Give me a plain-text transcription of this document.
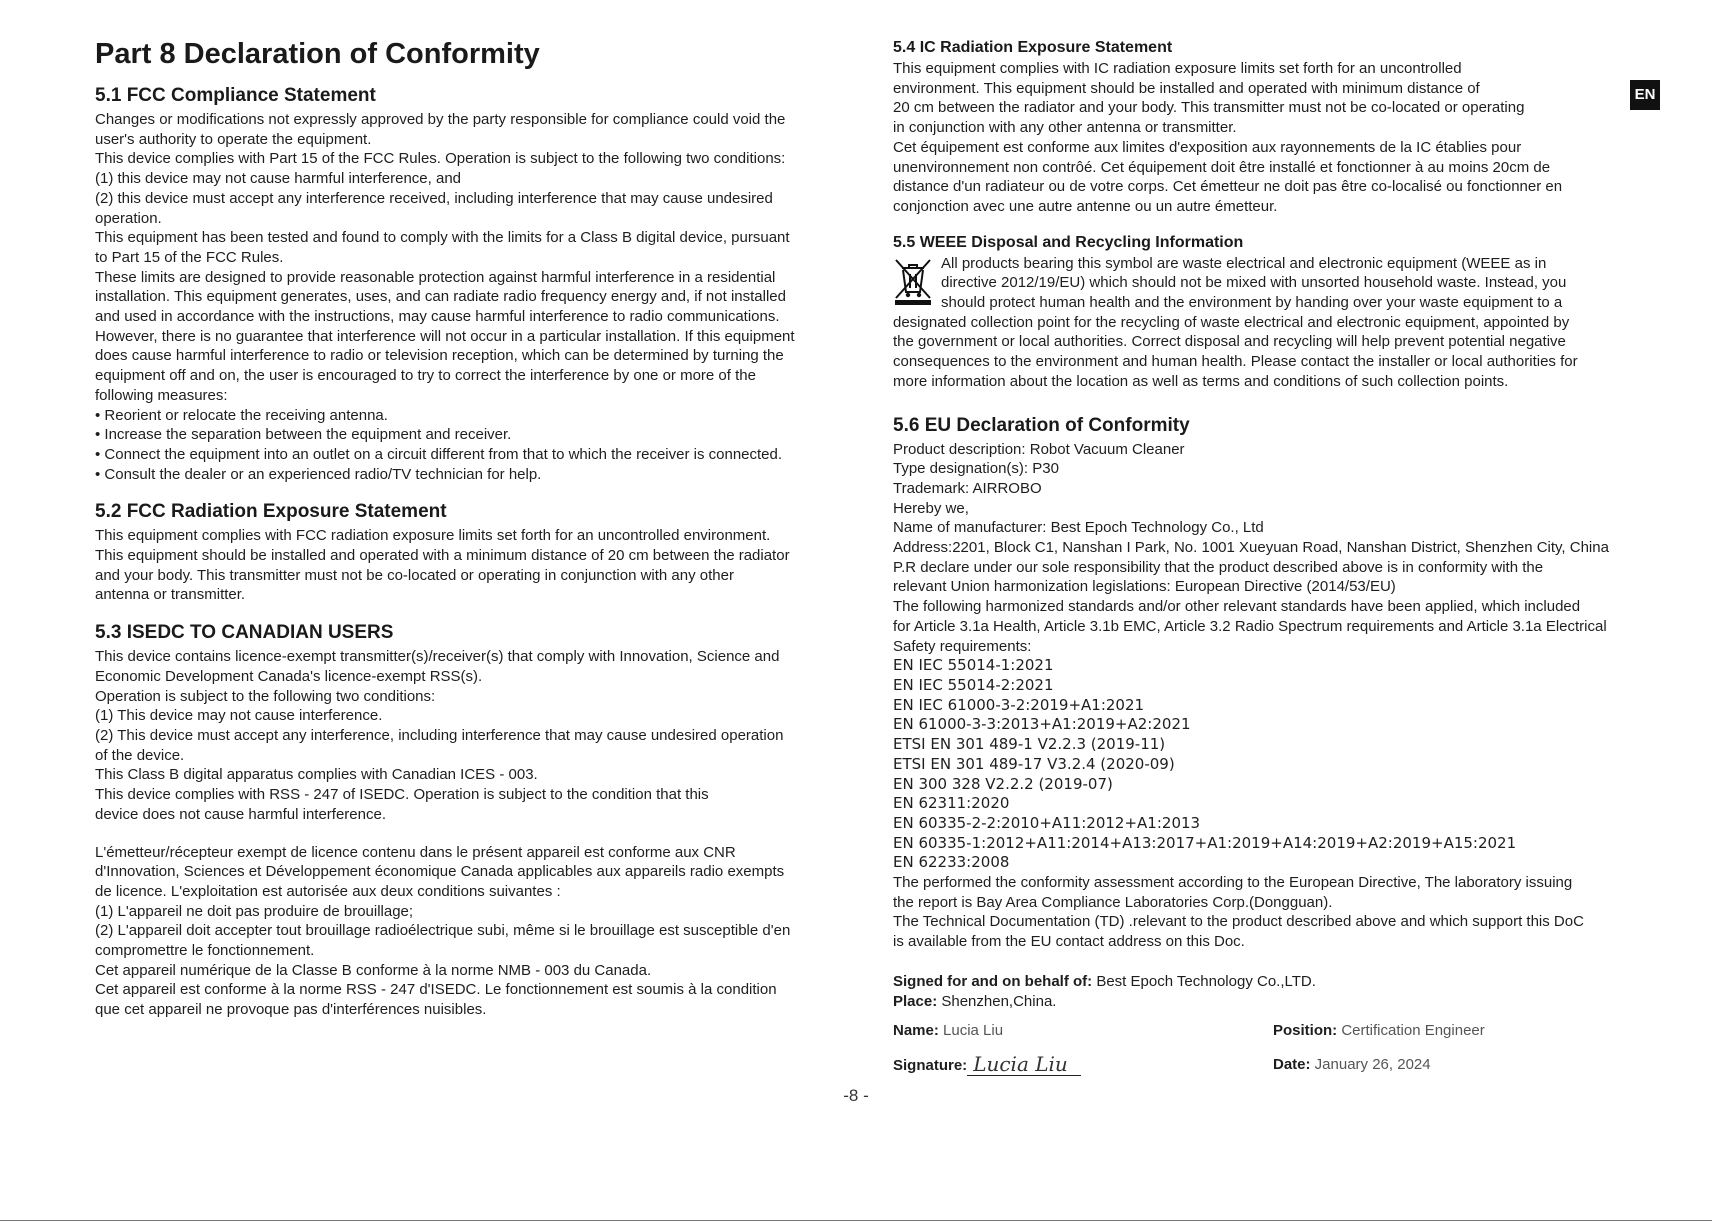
EN
Part 8 Declaration of Conformity
5.1 FCC Compliance Statement

Changes or modifications not expressly approved by the party responsible for compliance could void the

user's authority to operate the equipment.

This device complies with Part 15 of the FCC Rules. Operation is subject to the following two conditions:

(1) this device may not cause harmful interference, and

(2) this device must accept any interference received, including interference that may cause undesired

operation.

This equipment has been tested and found to comply with the limits for a Class B digital device, pursuant

to Part 15 of the FCC Rules.

These limits are designed to provide reasonable protection against harmful interference in a residential

installation. This equipment generates, uses, and can radiate radio frequency energy and, if not installed

and used in accordance with the instructions, may cause harmful interference to radio communications.

However, there is no guarantee that interference will not occur in a particular installation. If this equipment

does cause harmful interference to radio or television reception, which can be determined by turning the

equipment off and on, the user is encouraged to try to correct the interference by one or more of the

following measures:

• Reorient or relocate the receiving antenna.

• Increase the separation between the equipment and receiver.

• Connect the equipment into an outlet on a circuit different from that to which the receiver is connected.

• Consult the dealer or an experienced radio/TV technician for help.

5.2 FCC Radiation Exposure Statement

This equipment complies with FCC radiation exposure limits set forth for an uncontrolled environment.

This equipment should be installed and operated with a minimum distance of 20 cm between the radiator

and your body. This transmitter must not be co-located or operating in conjunction with any other

antenna or transmitter.

5.3 ISEDC TO CANADIAN USERS

This device contains licence-exempt transmitter(s)/receiver(s) that comply with Innovation, Science and

Economic Development Canada's licence-exempt RSS(s).

Operation is subject to the following two conditions:

(1) This device may not cause interference.

(2) This device must accept any interference, including interference that may cause undesired operation

of the device.

This Class B digital apparatus complies with Canadian ICES - 003.

This device complies with RSS - 247 of ISEDC. Operation is subject to the condition that this

device does not cause harmful interference.

L'émetteur/récepteur exempt de licence contenu dans le présent appareil est conforme aux CNR

d'Innovation, Sciences et Développement économique Canada applicables aux appareils radio exempts

de licence. L'exploitation est autorisée aux deux conditions suivantes :

(1) L'appareil ne doit pas produire de brouillage;

(2) L'appareil doit accepter tout brouillage radioélectrique subi, même si le brouillage est susceptible d'en

compromettre le fonctionnement.

Cet appareil numérique de la Classe B conforme à la norme NMB - 003 du Canada.

Cet appareil est conforme à la norme RSS - 247 d'ISEDC. Le fonctionnement est soumis à la condition

que cet appareil ne provoque pas d'interférences nuisibles.

5.4 IC Radiation Exposure Statement

This equipment complies with IC radiation exposure limits set forth for an uncontrolled

environment. This equipment should be installed and operated with minimum distance of

20 cm between the radiator and your body. This transmitter must not be co-located or operating

in conjunction with any other antenna or transmitter.

Cet équipement est conforme aux limites d'exposition aux rayonnements de la IC établies pour

unenvironnement non contrôé. Cet équipement doit être installé et fonctionner à au moins 20cm de

distance d'un radiateur ou de votre corps. Cet émetteur ne doit pas être co-localisé ou fonctionner en

conjonction avec une autre antenne ou un autre émetteur.

5.5 WEEE Disposal and Recycling Information

All products bearing this symbol are waste electrical and electronic equipment (WEEE as in

directive 2012/19/EU) which should not be mixed with unsorted household waste. Instead, you

should protect human health and the environment by handing over your waste equipment to a

designated collection point for the recycling of waste electrical and electronic equipment, appointed by

the government or local authorities. Correct disposal and recycling will help prevent potential negative

consequences to the environment and human health. Please contact the installer or local authorities for

more information about the location as well as terms and conditions of such collection points.

5.6 EU Declaration of Conformity

Product description: Robot Vacuum Cleaner

Type designation(s): P30

Trademark: AIRROBO

Hereby we,

Name of manufacturer: Best Epoch Technology Co., Ltd

Address:2201, Block C1, Nanshan I Park, No. 1001 Xueyuan Road, Nanshan District, Shenzhen City, China

P.R declare under our sole responsibility that the product described above is in conformity with the

relevant Union harmonization legislations: European Directive (2014/53/EU)

The following harmonized standards and/or other relevant standards have been applied, which included

for Article 3.1a Health, Article 3.1b EMC, Article 3.2 Radio Spectrum requirements and Article 3.1a Electrical

Safety requirements:

EN IEC 55014-1:2021

EN IEC 55014-2:2021

EN IEC 61000-3-2:2019+A1:2021

EN 61000-3-3:2013+A1:2019+A2:2021

ETSI EN 301 489-1 V2.2.3 (2019-11)

ETSI EN 301 489-17 V3.2.4 (2020-09)

EN 300 328 V2.2.2 (2019-07)

EN 62311:2020

EN 60335-2-2:2010+A11:2012+A1:2013

EN 60335-1:2012+A11:2014+A13:2017+A1:2019+A14:2019+A2:2019+A15:2021

EN 62233:2008

The performed the conformity assessment according to the European Directive, The laboratory issuing

the report is Bay Area Compliance Laboratories Corp.(Dongguan).

The Technical Documentation (TD) .relevant to the product described above and which support this DoC

is available from the EU contact address on this Doc.

Signed for and on behalf of: Best Epoch Technology Co.,LTD.
Place: Shenzhen,China.
Name: Lucia Liu	Position: Certification Engineer
Signature: Lucia Liu	Date: January 26, 2024
-8 -
